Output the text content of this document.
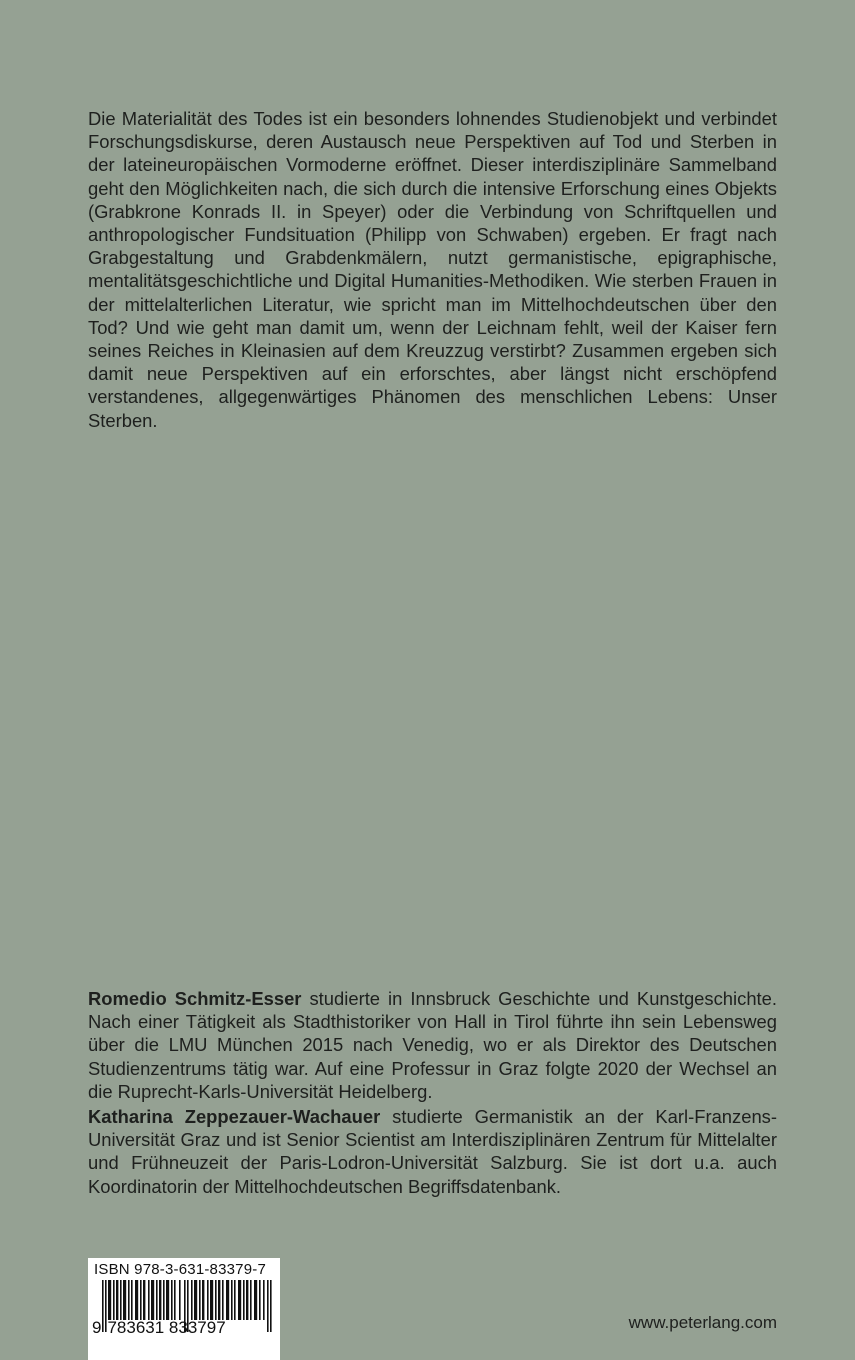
Die Materialität des Todes ist ein besonders lohnendes Studienobjekt und verbindet Forschungsdiskurse, deren Austausch neue Perspektiven auf Tod und Sterben in der lateineuropäischen Vormoderne eröffnet. Dieser interdisziplinäre Sammelband geht den Möglichkeiten nach, die sich durch die intensive Erforschung eines Objekts (Grabkrone Konrads II. in Speyer) oder die Verbindung von Schriftquellen und anthropologischer Fundsituation (Philipp von Schwaben) ergeben. Er fragt nach Grabgestaltung und Grabdenkmälern, nutzt germanistische, epigraphische, mentalitätsgeschichtliche und Digital Humanities-Methodiken. Wie sterben Frauen in der mittelalterlichen Literatur, wie spricht man im Mittelhochdeutschen über den Tod? Und wie geht man damit um, wenn der Leichnam fehlt, weil der Kaiser fern seines Reiches in Kleinasien auf dem Kreuzzug verstirbt? Zusammen ergeben sich damit neue Perspektiven auf ein erforschtes, aber längst nicht erschöpfend verstandenes, allgegenwärtiges Phänomen des menschlichen Lebens: Unser Sterben.

Romedio Schmitz-Esser studierte in Innsbruck Geschichte und Kunstgeschichte. Nach einer Tätigkeit als Stadthistoriker von Hall in Tirol führte ihn sein Lebensweg über die LMU München 2015 nach Venedig, wo er als Direktor des Deutschen Studienzentrums tätig war. Auf eine Professur in Graz folgte 2020 der Wechsel an die Ruprecht-Karls-Universität Heidelberg.

Katharina Zeppezauer-Wachauer studierte Germanistik an der Karl-Franzens-Universität Graz und ist Senior Scientist am Interdisziplinären Zentrum für Mittelalter und Frühneuzeit der Paris-Lodron-Universität Salzburg. Sie ist dort u.a. auch Koordinatorin der Mittelhochdeutschen Begriffsdatenbank.

ISBN 978-3-631-83379-7
9 783631 833797	www.peterlang.com
